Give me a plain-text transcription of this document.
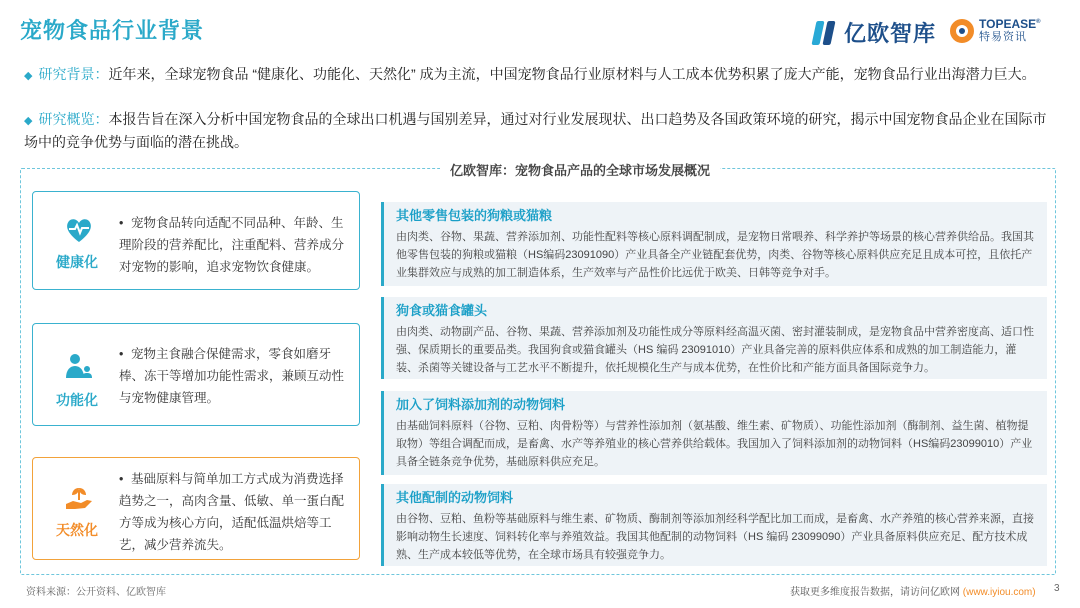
宠物食品行业背景	亿欧智库	TOPEASE®
特易资讯
◆ 研究背景：近年来，全球宠物食品 “健康化、功能化、天然化” 成为主流，中国宠物食品行业原材料与人工成本优势积累了庞大产能，宠物食品行业出海潜力巨大。
◆ 研究概览：本报告旨在深入分析中国宠物食品的全球出口机遇与国别差异，通过对行业发展现状、出口趋势及各国政策环境的研究，揭示中国宠物食品企业在国际市场中的竞争优势与面临的潜在挑战。
亿欧智库：宠物食品产品的全球市场发展概况
健康化
• 宠物食品转向适配不同品种、年龄、生理阶段的营养配比，注重配料、营养成分对宠物的影响，追求宠物饮食健康。
功能化
• 宠物主食融合保健需求，零食如磨牙棒、冻干等增加功能性需求，兼顾互动性与宠物健康管理。
天然化
• 基础原料与简单加工方式成为消费选择趋势之一，高肉含量、低敏、单一蛋白配方等成为核心方向，适配低温烘焙等工艺，减少营养流失。
其他零售包装的狗粮或猫粮
由肉类、谷物、果蔬、营养添加剂、功能性配料等核心原料调配制成，是宠物日常喂养、科学养护等场景的核心营养供给品。我国其他零售包装的狗粮或猫粮（HS编码23091090）产业具备全产业链配套优势，肉类、谷物等核心原料供应充足且成本可控，且依托产业集群效应与成熟的加工制造体系，生产效率与产品性价比远优于欧美、日韩等竞争对手。
狗食或猫食罐头
由肉类、动物副产品、谷物、果蔬、营养添加剂及功能性成分等原料经高温灭菌、密封灌装制成，是宠物食品中营养密度高、适口性强、保质期长的重要品类。我国狗食或猫食罐头（HS 编码 23091010）产业具备完善的原料供应体系和成熟的加工制造能力，灌装、杀菌等关键设备与工艺水平不断提升，依托规模化生产与成本优势，在性价比和产能方面具备国际竞争力。
加入了饲料添加剂的动物饲料
由基础饲料原料（谷物、豆粕、肉骨粉等）与营养性添加剂（氨基酸、维生素、矿物质）、功能性添加剂（酶制剂、益生菌、植物提取物）等组合调配而成，是畜禽、水产等养殖业的核心营养供给载体。我国加入了饲料添加剂的动物饲料（HS编码23099010）产业具备全链条竞争优势，基础原料供应充足。
其他配制的动物饲料
由谷物、豆粕、鱼粉等基础原料与维生素、矿物质、酶制剂等添加剂经科学配比加工而成，是畜禽、水产养殖的核心营养来源，直接影响动物生长速度、饲料转化率与养殖效益。我国其他配制的动物饲料（HS 编码 23099090）产业具备原料供应充足、配方技术成熟、生产成本较低等优势，在全球市场具有较强竞争力。
资料来源：公开资料、亿欧智库	获取更多维度报告数据，请访问亿欧网 (www.iyiou.com) 3
